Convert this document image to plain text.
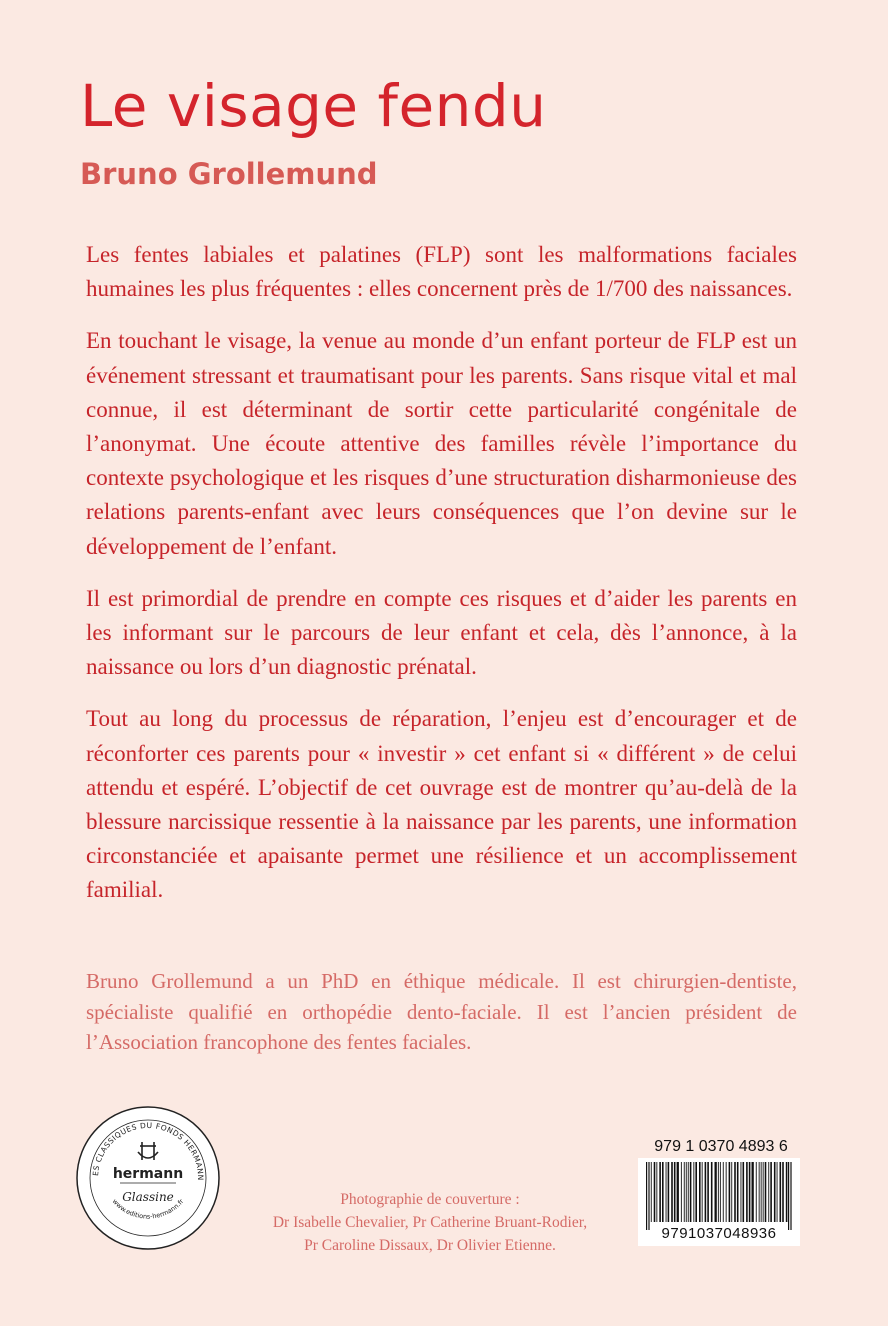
Le visage fendu
Bruno Grollemund

Les fentes labiales et palatines (FLP) sont les malformations faciales humaines les plus fréquentes : elles concernent près de 1/700 des naissances.

En touchant le visage, la venue au monde d’un enfant porteur de FLP est un événement stressant et traumatisant pour les parents. Sans risque vital et mal connue, il est déterminant de sortir cette particularité congénitale de l’anonymat. Une écoute attentive des familles révèle l’importance du contexte psychologique et les risques d’une structuration disharmonieuse des relations parents-enfant avec leurs conséquences que l’on devine sur le développement de l’enfant.

Il est primordial de prendre en compte ces risques et d’aider les parents en les informant sur le parcours de leur enfant et cela, dès l’annonce, à la naissance ou lors d’un diagnostic prénatal.

Tout au long du processus de réparation, l’enjeu est d’encourager et de réconforter ces parents pour « investir » cet enfant si « différent » de celui attendu et espéré. L’objectif de cet ouvrage est de montrer qu’au-delà de la blessure narcissique ressentie à la naissance par les parents, une information circonstanciée et apaisante permet une résilience et un accomplissement familial.

Bruno Grollemund a un PhD en éthique médicale. Il est chirurgien-dentiste, spécialiste qualifié en orthopédie dento-faciale. Il est l’ancien président de l’Association francophone des fentes faciales.

ES CLASSIQUES DU FONDS HERMANN
hermann
Glassine
www.editions-hermann.fr	Photographie de couverture :
Dr Isabelle Chevalier, Pr Catherine Bruant-Rodier,
Pr Caroline Dissaux, Dr Olivier Etienne.
979 1 0370 4893 6
9791037048936
